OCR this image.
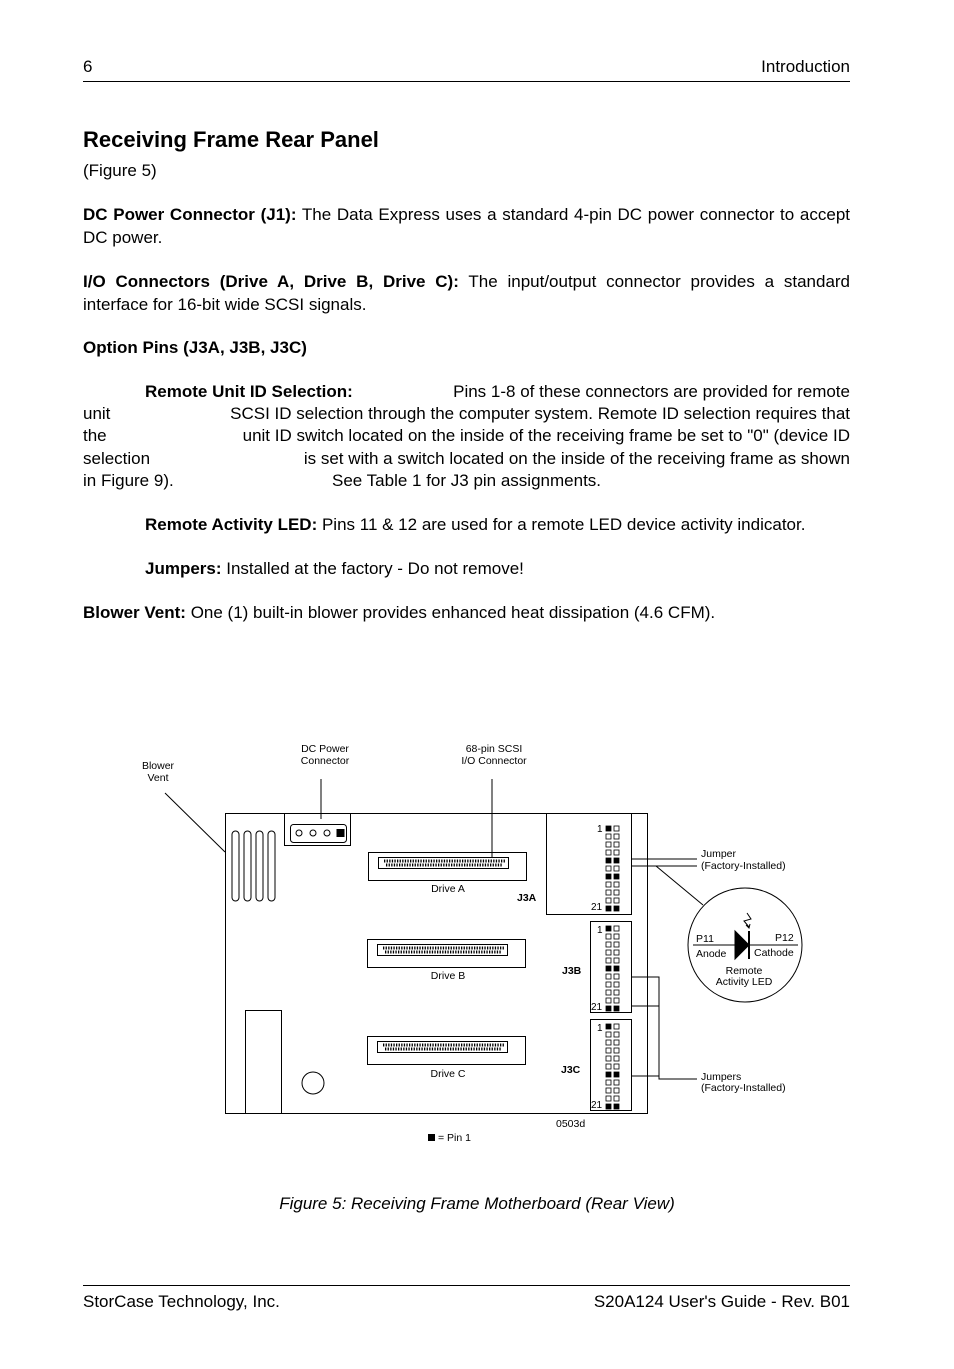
6	Introduction
Receiving Frame Rear Panel
(Figure 5)

DC Power Connector (J1): The Data Express uses a standard 4-pin DC power connector to accept DC power.

I/O Connectors (Drive A, Drive B, Drive C): The input/output connector provides a standard interface for 16-bit wide SCSI signals.

Option Pins (J3A, J3B, J3C)

Remote Unit ID Selection:	Pins 1-8 of these connectors are provided for remote
unit	SCSI ID selection through the computer system. Remote ID selection requires that
the	unit ID switch located on the inside of the receiving frame be set to "0" (device ID
selection	is set with a switch located on the inside of the receiving frame as shown
in Figure 9).	See Table 1 for J3 pin assignments.

Remote Activity LED: Pins 11 & 12 are used for a remote LED device activity indicator.

Jumpers: Installed at the factory - Do not remove!

Blower Vent: One (1) built-in blower provides enhanced heat dissipation (4.6 CFM).

Blower
Vent
DC Power
Connector
68-pin SCSI
I/O Connector
Drive A
Drive B
Drive C
Remote
Activity LED
J3A
J3B
J3C
1
21
1
21
1
21
Jumper
(Factory-Installed)
Jumpers
(Factory-Installed)
P11	P12
Anode	Cathode
0503d
= Pin 1
Figure 5: Receiving Frame Motherboard (Rear View)
StorCase Technology, Inc.	S20A124 User's Guide - Rev. B01
